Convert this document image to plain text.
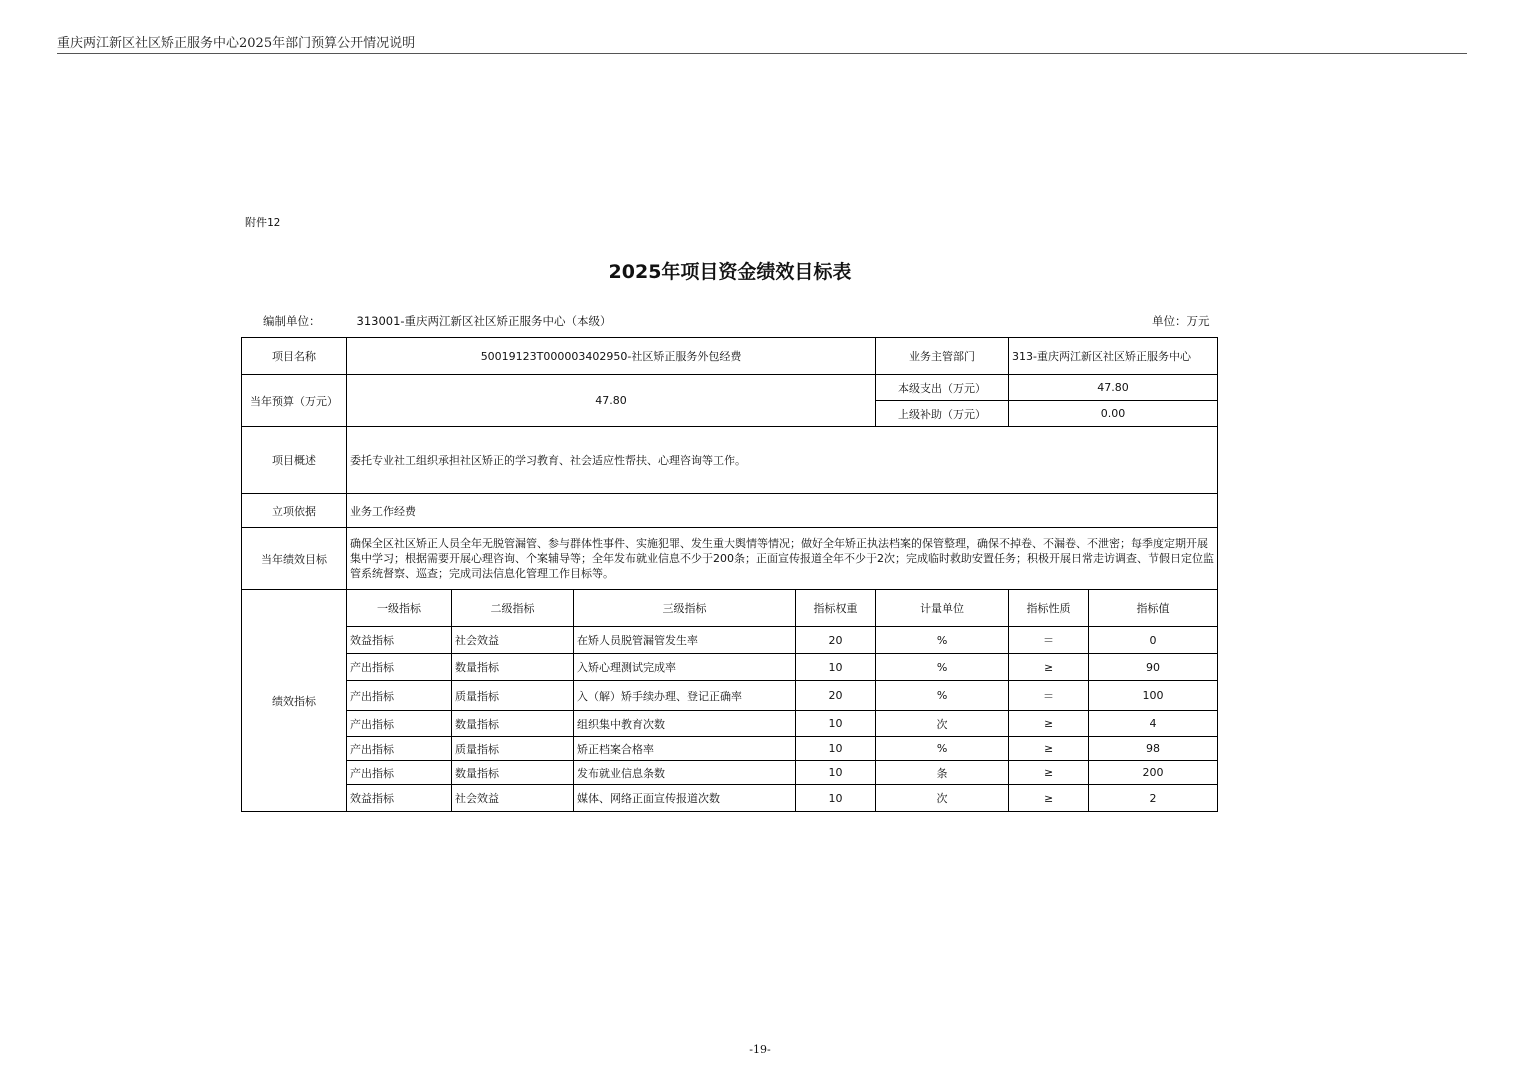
重庆两江新区社区矫正服务中心2025年部门预算公开情况说明
附件12
2025年项目资金绩效目标表
编制单位：	313001-重庆两江新区社区矫正服务中心（本级）	单位：万元
项目名称	50019123T000003402950-社区矫正服务外包经费				业务主管部门	313-重庆两江新区社区矫正服务中心	
当年预算（万元）	47.80				本级支出（万元）	47.80	
					上级补助（万元）	0.00	
项目概述	委托专业社工组织承担社区矫正的学习教育、社会适应性帮扶、心理咨询等工作。						
立项依据	业务工作经费						
当年绩效目标	确保全区社区矫正人员全年无脱管漏管、参与群体性事件、实施犯罪、发生重大舆情等情况；做好全年矫正执法档案的保管整理，确保不掉卷、不漏卷、不泄密；每季度定期开展集中学习；根据需要开展心理咨询、个案辅导等；全年发布就业信息不少于200条；正面宣传报道全年不少于2次；完成临时救助安置任务；积极开展日常走访调查、节假日定位监管系统督察、巡查；完成司法信息化管理工作目标等。						
绩效指标	一级指标	二级指标	三级指标	指标权重	计量单位	指标性质	指标值
	效益指标	社会效益	在矫人员脱管漏管发生率	20	%	＝	0
	产出指标	数量指标	入矫心理测试完成率	10	%	≥	90
	产出指标	质量指标	入（解）矫手续办理、登记正确率	20	%	＝	100
	产出指标	数量指标	组织集中教育次数	10	次	≥	4
	产出指标	质量指标	矫正档案合格率	10	%	≥	98
	产出指标	数量指标	发布就业信息条数	10	条	≥	200
	效益指标	社会效益	媒体、网络正面宣传报道次数	10	次	≥	2
-19-
